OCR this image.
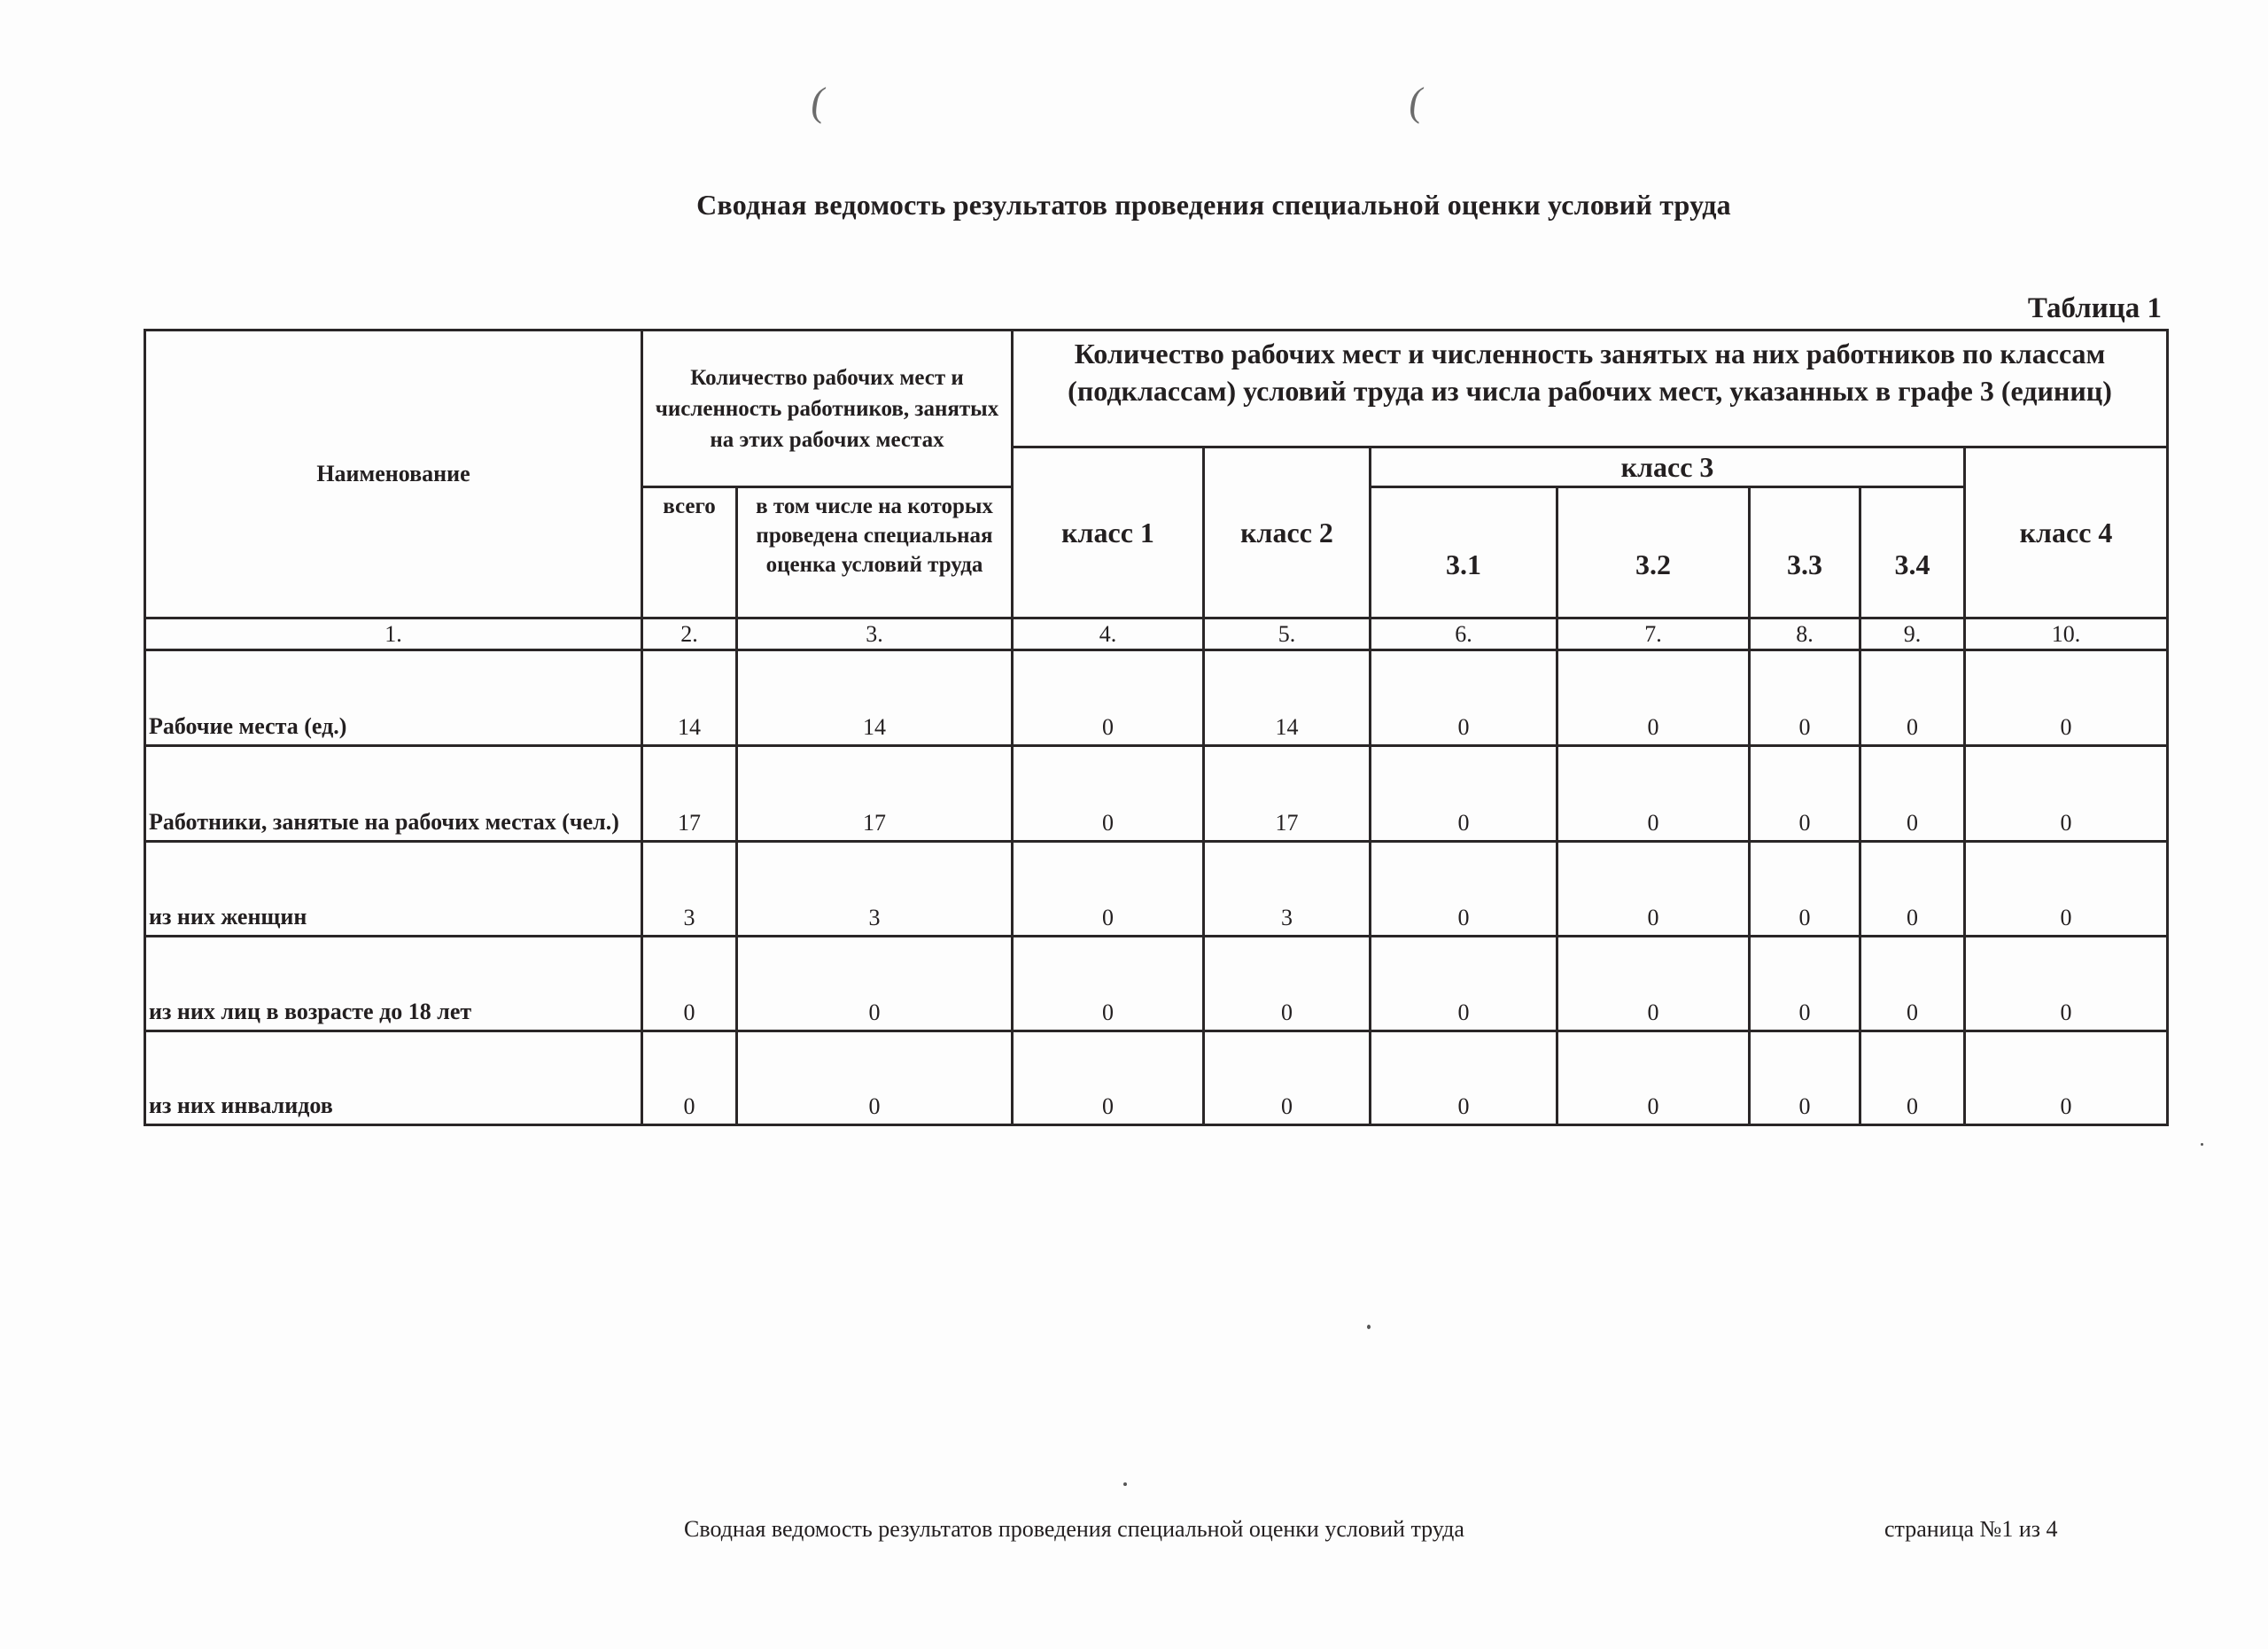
(	(
Сводная ведомость результатов проведения специальной оценки условий труда
Таблица 1
Наименование	Количество рабочих мест и численность работников, занятых на этих рабочих местах		Количество рабочих мест и численность занятых на них работников по классам (подклассам) условий труда из числа рабочих мест, указанных в графе 3 (единиц)						
			класс 1	класс 2	класс 3				класс 4
	всего	в том числе на которых проведена специальная оценка условий труда			3.1	3.2	3.3	3.4	
1.	2.	3.	4.	5.	6.	7.	8.	9.	10.
Рабочие места (ед.)	14	14	0	14	0	0	0	0	0
Работники, занятые на рабочих местах (чел.)	17	17	0	17	0	0	0	0	0
из них женщин	3	3	0	3	0	0	0	0	0
из них лиц в возрасте до 18 лет	0	0	0	0	0	0	0	0	0
из них инвалидов	0	0	0	0	0	0	0	0	0
Сводная ведомость результатов проведения специальной оценки условий труда	страница №1 из 4
